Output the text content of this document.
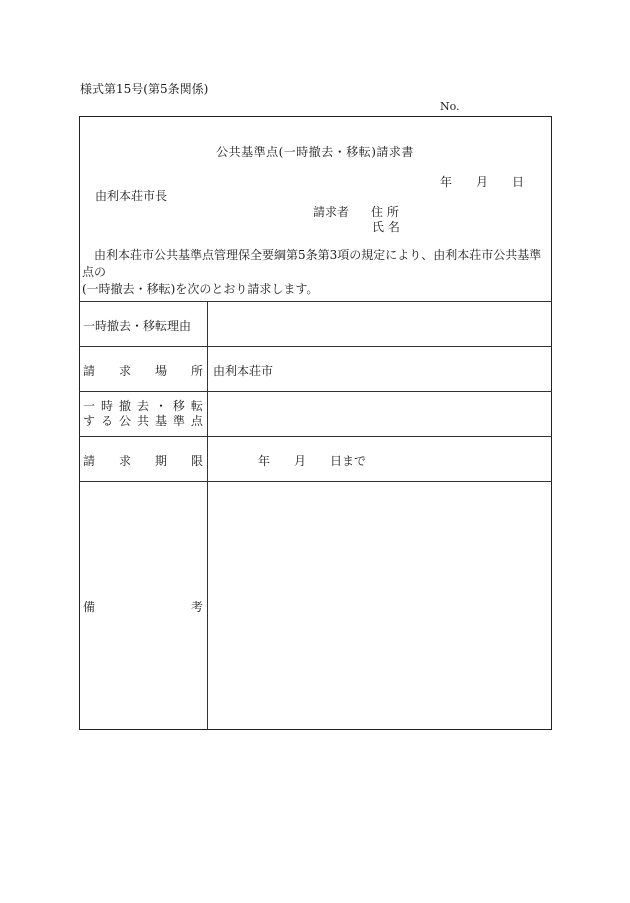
様式第15号(第5条関係)
No.
公共基準点(一時撤去・移転)請求書
年 月 日
由利本荘市長
請求者 住 所
氏 名
由利本荘市公共基準点管理保全要綱第5条第3項の規定により、由利本荘市公共基準点の
(一時撤去・移転)を次のとおり請求します。
一時撤去・移転理由
請 求 場 所 由利本荘市
一 時 撤 去 ・ 移 転
す る 公 共 基 準 点
請 求 期 限	年 月 日まで
備	考
